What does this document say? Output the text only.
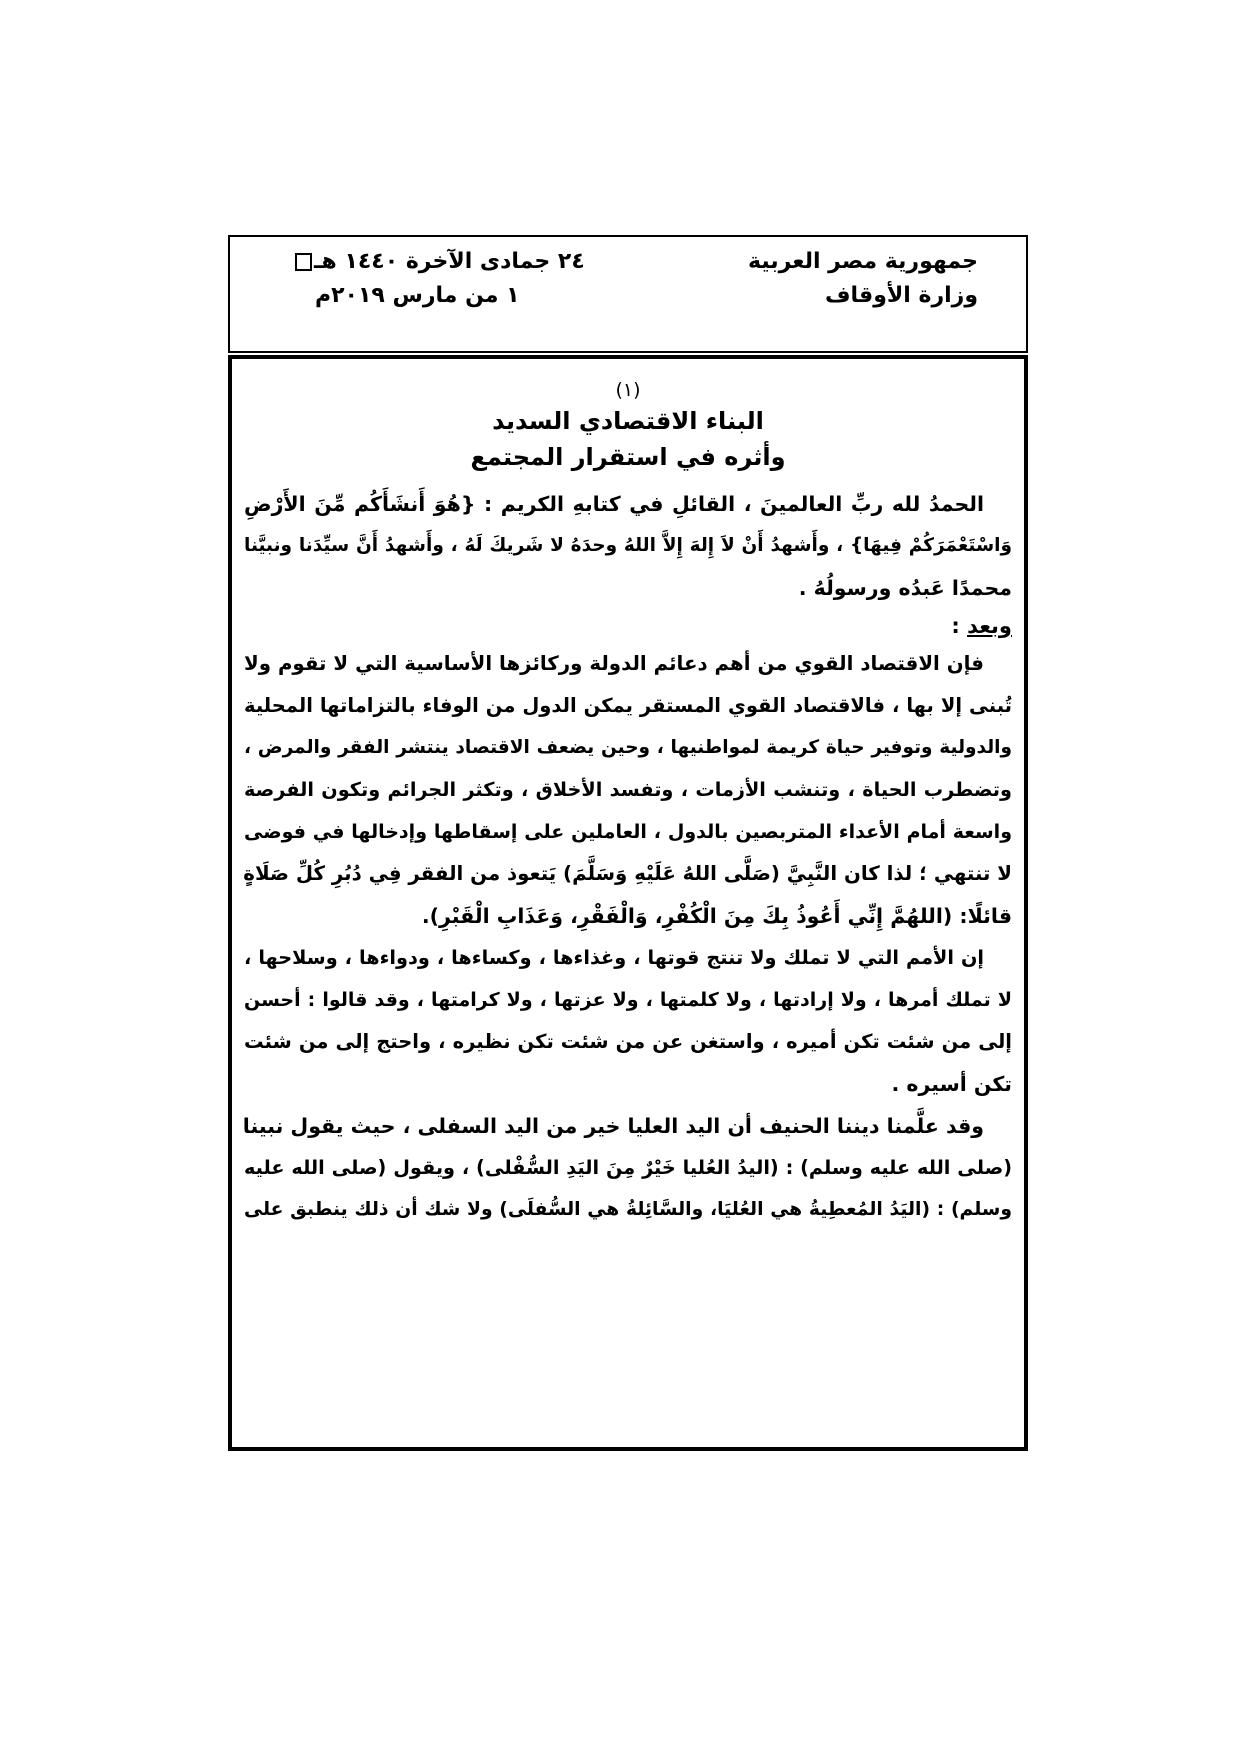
جمهورية مصر العربية
وزارة الأوقاف
٢٤ جمادى الآخرة ١٤٤٠ هـ
١ من مارس ٢٠١٩م
(١)
البناء الاقتصادي السديد
وأثره في استقرار المجتمع
الحمدُ لله ربِّ العالمينَ ، القائلِ في كتابهِ الكريم : {هُوَ أَنشَأَكُم مِّنَ الأَرْضِ
وَاسْتَعْمَرَكُمْ فِيهَا} ، وأَشهدُ أَنْ لاَ إِلهَ إِلاَّ اللهُ وحدَهُ لا شَريكَ لَهُ ، وأَشهدُ أَنَّ سيِّدَنا ونبيَّنا
محمدًا عَبدُه ورسولُهُ .
وبعد :
فإن الاقتصاد القوي من أهم دعائم الدولة وركائزها الأساسية التي لا تقوم ولا
تُبنى إلا بها ، فالاقتصاد القوي المستقر يمكن الدول من الوفاء بالتزاماتها المحلية
والدولية وتوفير حياة كريمة لمواطنيها ، وحين يضعف الاقتصاد ينتشر الفقر والمرض ،
وتضطرب الحياة ، وتنشب الأزمات ، وتفسد الأخلاق ، وتكثر الجرائم وتكون الفرصة
واسعة أمام الأعداء المتربصين بالدول ، العاملين على إسقاطها وإدخالها في فوضى
لا تنتهي ؛ لذا كان النَّبِيَّ (صَلَّى اللهُ عَلَيْهِ وَسَلَّمَ) يَتعوذ من الفقر فِي دُبُرِ كُلِّ صَلَاةٍ
قائلًا: (اللهُمَّ إِنِّي أَعُوذُ بِكَ مِنَ الْكُفْرِ، وَالْفَقْرِ، وَعَذَابِ الْقَبْرِ).
إن الأمم التي لا تملك ولا تنتج قوتها ، وغذاءها ، وكساءها ، ودواءها ، وسلاحها ،
لا تملك أمرها ، ولا إرادتها ، ولا كلمتها ، ولا عزتها ، ولا كرامتها ، وقد قالوا : أحسن
إلى من شئت تكن أميره ، واستغن عن من شئت تكن نظيره ، واحتج إلى من شئت
تكن أسيره .
وقد علَّمنا ديننا الحنيف أن اليد العليا خير من اليد السفلى ، حيث يقول نبينا
(صلى الله عليه وسلم) : (اليدُ العُليا خَيْرٌ مِنَ اليَدِ السُّفْلى) ، ويقول (صلى الله عليه
وسلم) : (اليَدُ المُعطِيةُ هي العُليَا، والسَّائِلةُ هي السُّفلَى) ولا شك أن ذلك ينطبق على
